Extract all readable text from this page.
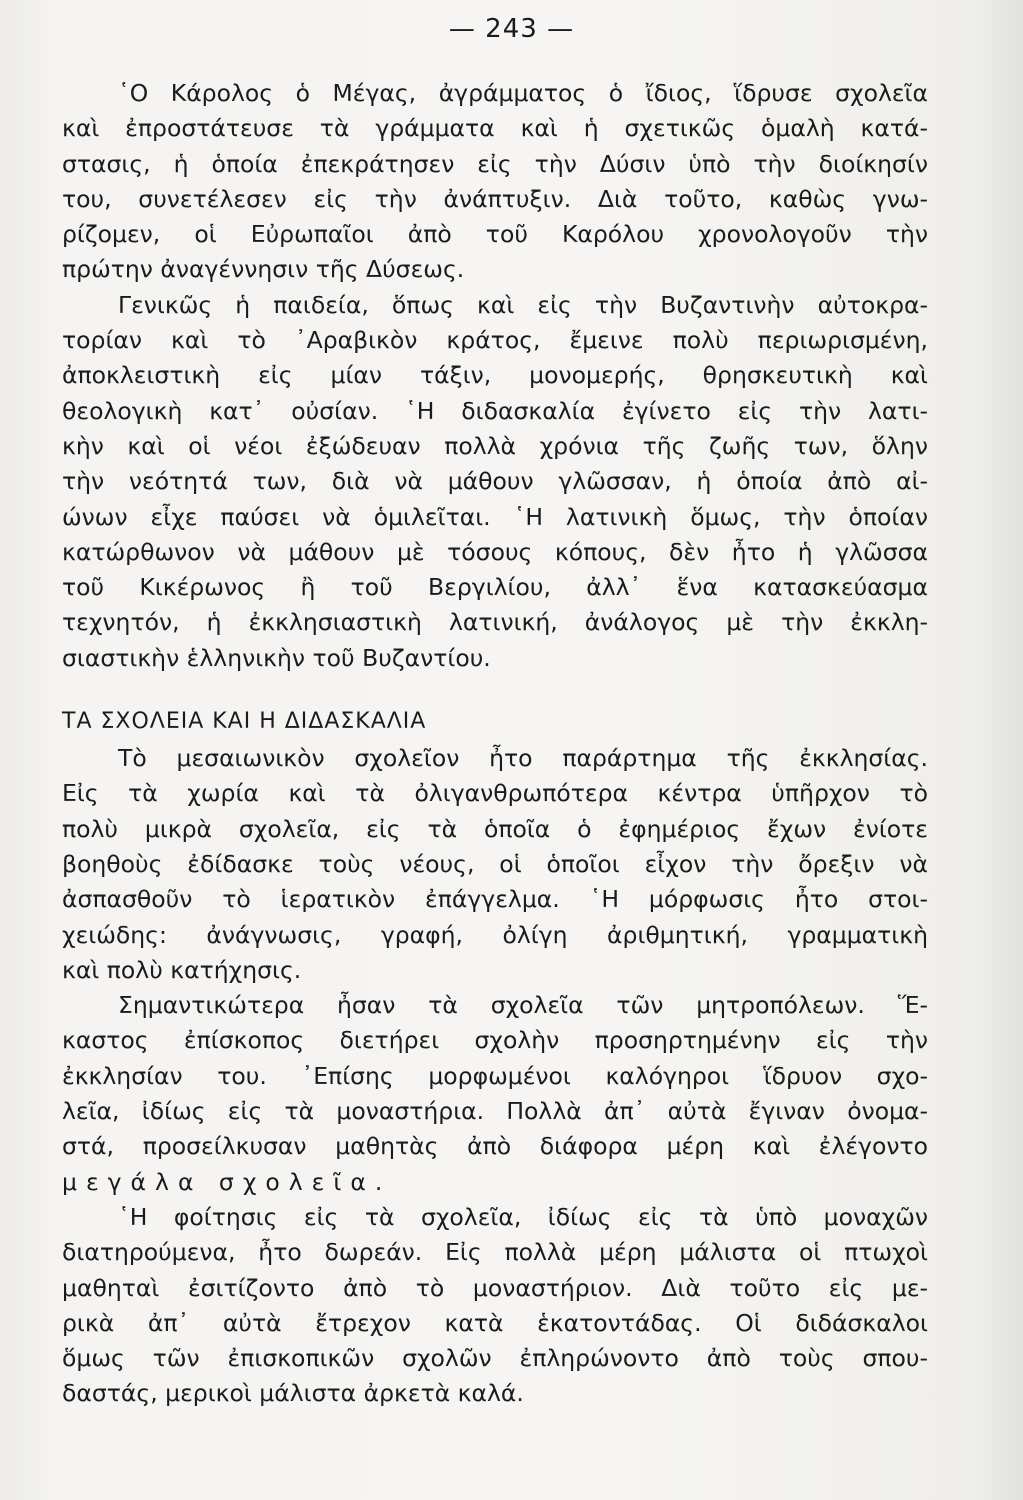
— 243 —
῾Ο Κάρολος ὁ Μέγας, ἀγράμματος ὁ ἴδιος, ἵδρυσε σχολεῖα
καὶ ἐπροστάτευσε τὰ γράμματα καὶ ἡ σχετικῶς ὁμαλὴ κατά-
στασις, ἡ ὁποία ἐπεκράτησεν εἰς τὴν Δύσιν ὑπὸ τὴν διοίκησίν
του, συνετέλεσεν εἰς τὴν ἀνάπτυξιν. Διὰ τοῦτο, καθὼς γνω-
ρίζομεν, οἱ Εὐρωπαῖοι ἀπὸ τοῦ Καρόλου χρονολογοῦν τὴν
πρώτην ἀναγέννησιν τῆς Δύσεως.
Γενικῶς ἡ παιδεία, ὅπως καὶ εἰς τὴν Βυζαντινὴν αὐτοκρα-
τορίαν καὶ τὸ ᾿Αραβικὸν κράτος, ἔμεινε πολὺ περιωρισμένη,
ἀποκλειστικὴ εἰς μίαν τάξιν, μονομερής, θρησκευτικὴ καὶ
θεολογικὴ κατ᾿ οὐσίαν. ῾Η διδασκαλία ἐγίνετο εἰς τὴν λατι-
κὴν καὶ οἱ νέοι ἐξώδευαν πολλὰ χρόνια τῆς ζωῆς των, ὅλην
τὴν νεότητά των, διὰ νὰ μάθουν γλῶσσαν, ἡ ὁποία ἀπὸ αἰ-
ώνων εἶχε παύσει νὰ ὁμιλεῖται. ῾Η λατινικὴ ὅμως, τὴν ὁποίαν
κατώρθωνον νὰ μάθουν μὲ τόσους κόπους, δὲν ἦτο ἡ γλῶσσα
τοῦ Κικέρωνος ἢ τοῦ Βεργιλίου, ἀλλ᾿ ἕνα κατασκεύασμα
τεχνητόν, ἡ ἐκκλησιαστικὴ λατινική, ἀνάλογος μὲ τὴν ἐκκλη-
σιαστικὴν ἑλληνικὴν τοῦ Βυζαντίου.
ΤΑ ΣΧΟΛΕΙΑ ΚΑΙ Η ΔΙΔΑΣΚΑΛΙΑ
Τὸ μεσαιωνικὸν σχολεῖον ἦτο παράρτημα τῆς ἐκκλησίας.
Εἰς τὰ χωρία καὶ τὰ ὀλιγανθρωπότερα κέντρα ὑπῆρχον τὸ
πολὺ μικρὰ σχολεῖα, εἰς τὰ ὁποῖα ὁ ἐφημέριος ἔχων ἐνίοτε
βοηθοὺς ἐδίδασκε τοὺς νέους, οἱ ὁποῖοι εἶχον τὴν ὄρεξιν νὰ
ἀσπασθοῦν τὸ ἱερατικὸν ἐπάγγελμα. ῾Η μόρφωσις ἦτο στοι-
χειώδης: ἀνάγνωσις, γραφή, ὀλίγη ἀριθμητική, γραμματικὴ
καὶ πολὺ κατήχησις.
Σημαντικώτερα ἦσαν τὰ σχολεῖα τῶν μητροπόλεων. Ἕ-
καστος ἐπίσκοπος διετήρει σχολὴν προσηρτημένην εἰς τὴν
ἐκκλησίαν του. ᾿Επίσης μορφωμένοι καλόγηροι ἵδρυον σχο-
λεῖα, ἰδίως εἰς τὰ μοναστήρια. Πολλὰ ἀπ᾿ αὐτὰ ἔγιναν ὀνομα-
στά, προσείλκυσαν μαθητὰς ἀπὸ διάφορα μέρη καὶ ἐλέγοντο
μεγάλα σχολεῖα.
῾Η φοίτησις εἰς τὰ σχολεῖα, ἰδίως εἰς τὰ ὑπὸ μοναχῶν
διατηρούμενα, ἦτο δωρεάν. Εἰς πολλὰ μέρη μάλιστα οἱ πτωχοὶ
μαθηταὶ ἐσιτίζοντο ἀπὸ τὸ μοναστήριον. Διὰ τοῦτο εἰς με-
ρικὰ ἀπ᾿ αὐτὰ ἔτρεχον κατὰ ἑκατοντάδας. Οἱ διδάσκαλοι
ὅμως τῶν ἐπισκοπικῶν σχολῶν ἐπληρώνοντο ἀπὸ τοὺς σπου-
δαστάς, μερικοὶ μάλιστα ἀρκετὰ καλά.
